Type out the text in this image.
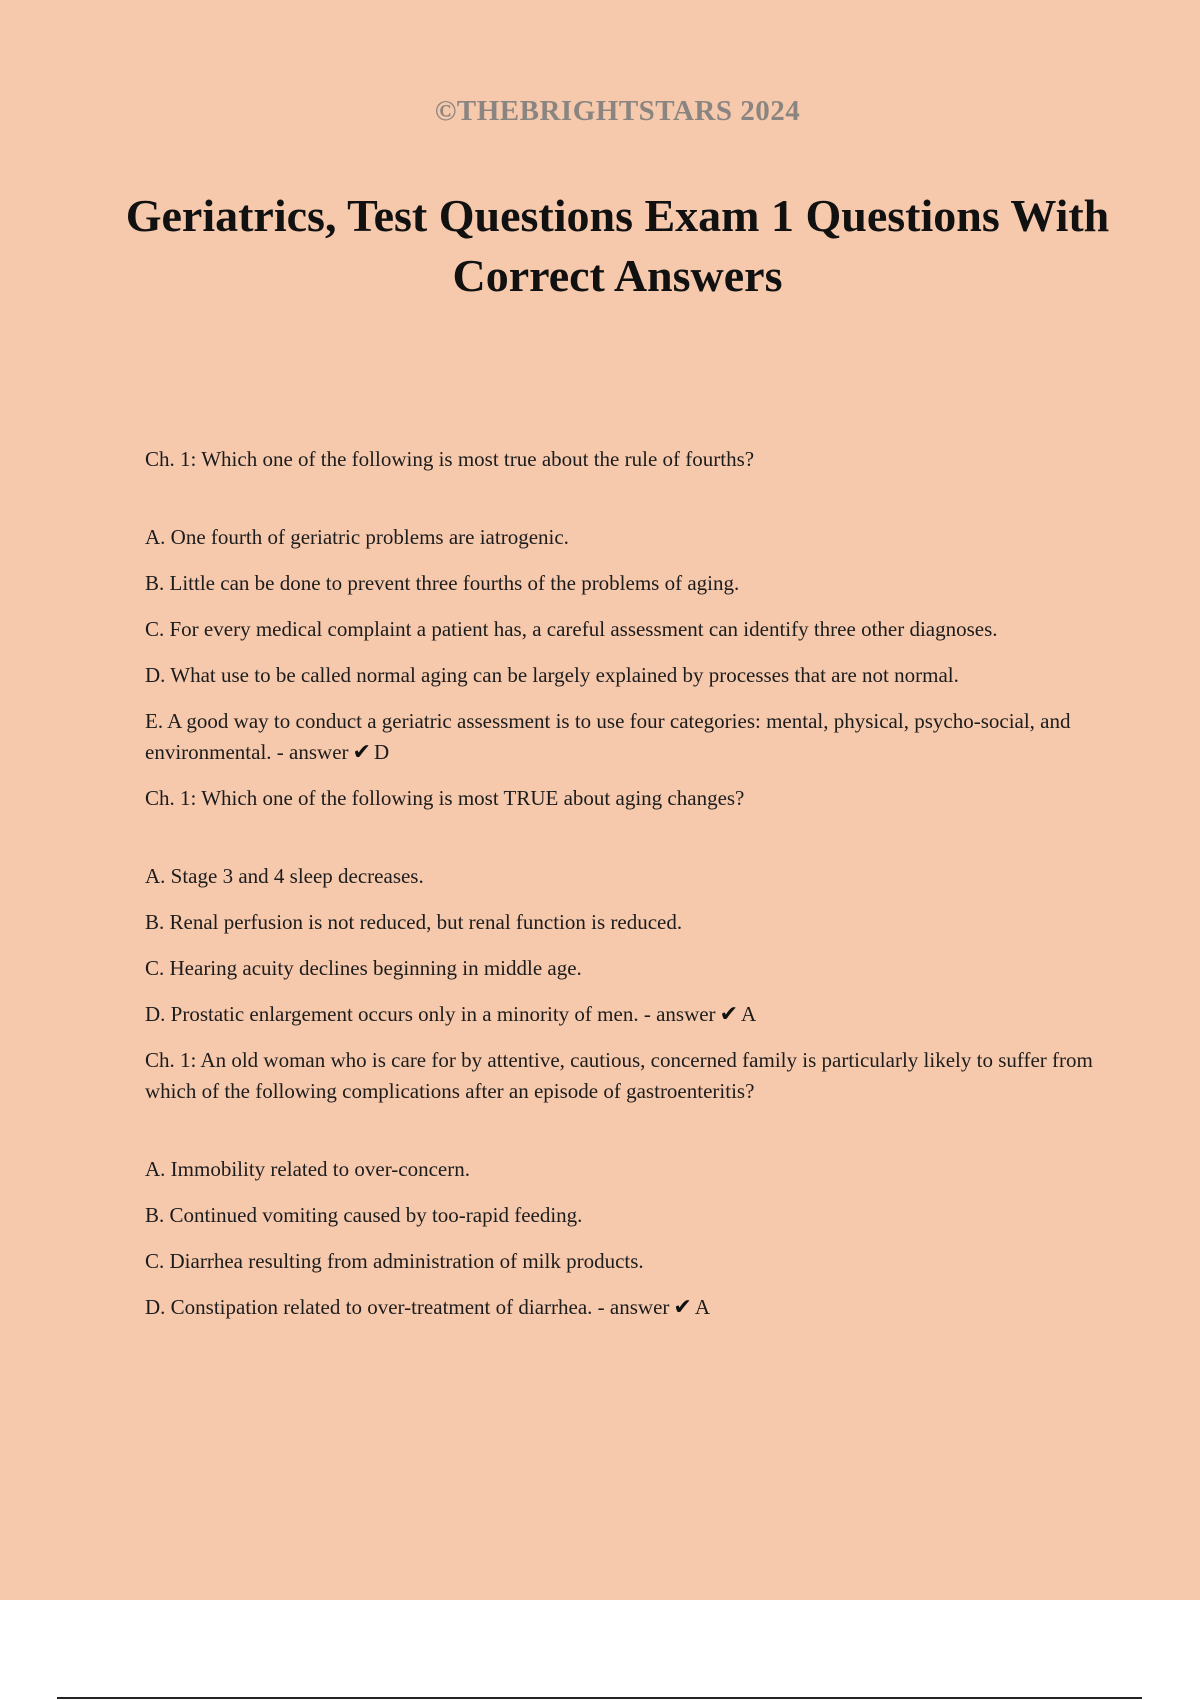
©THEBRIGHTSTARS 2024
Geriatrics, Test Questions Exam 1 Questions With Correct Answers

Ch. 1: Which one of the following is most true about the rule of fourths?

A. One fourth of geriatric problems are iatrogenic.

B. Little can be done to prevent three fourths of the problems of aging.

C. For every medical complaint a patient has, a careful assessment can identify three other diagnoses.

D. What use to be called normal aging can be largely explained by processes that are not normal.

E. A good way to conduct a geriatric assessment is to use four categories: mental, physical, psycho-social, and environmental. - answer ✔ D

Ch. 1: Which one of the following is most TRUE about aging changes?

A. Stage 3 and 4 sleep decreases.

B. Renal perfusion is not reduced, but renal function is reduced.

C. Hearing acuity declines beginning in middle age.

D. Prostatic enlargement occurs only in a minority of men. - answer ✔ A

Ch. 1: An old woman who is care for by attentive, cautious, concerned family is particularly likely to suffer from which of the following complications after an episode of gastroenteritis?

A. Immobility related to over-concern.

B. Continued vomiting caused by too-rapid feeding.

C. Diarrhea resulting from administration of milk products.

D. Constipation related to over-treatment of diarrhea. - answer ✔ A
